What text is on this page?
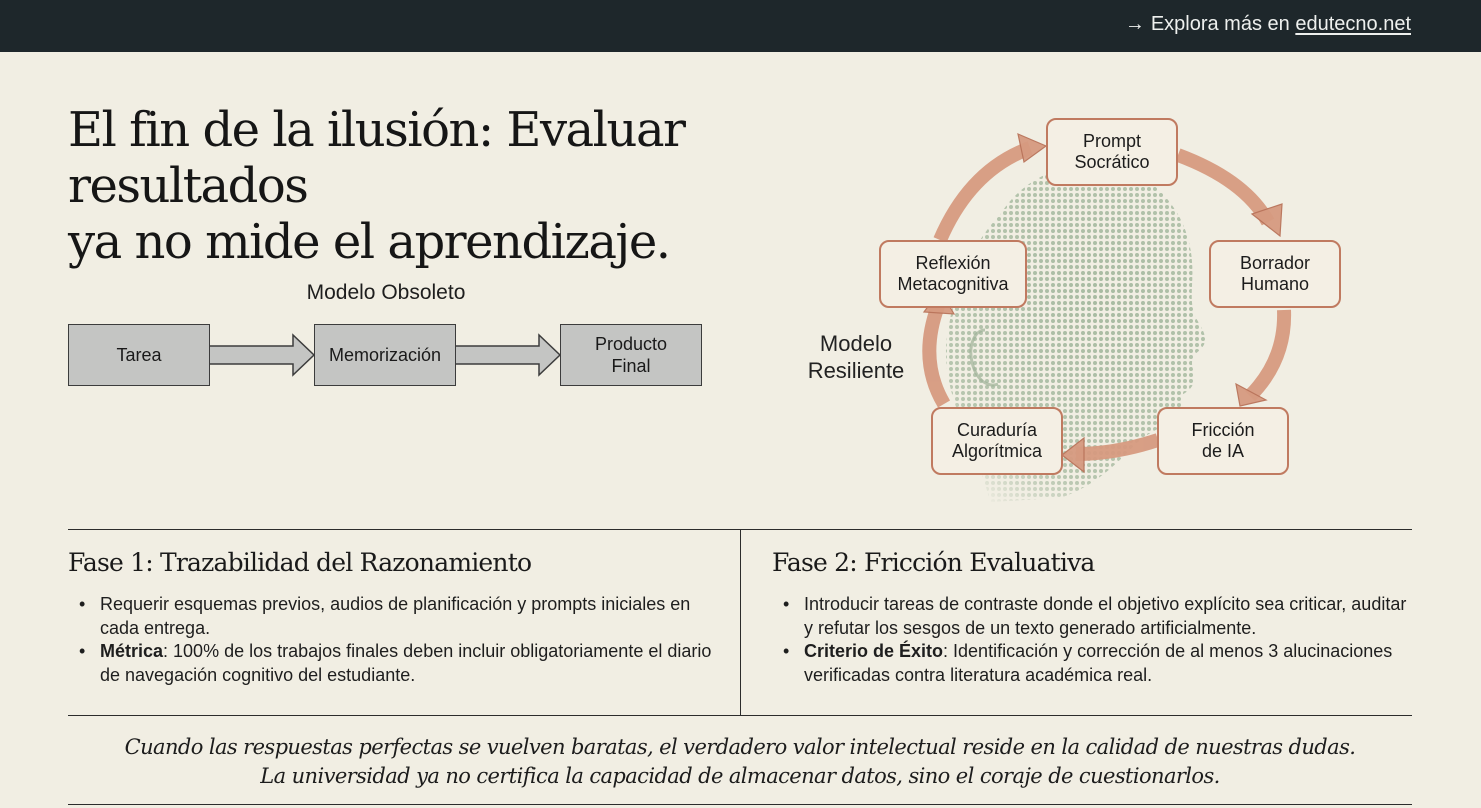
→ Explora más en edutecno.net
El fin de la ilusión: Evaluar resultados
ya no mide el aprendizaje.
Modelo Obsoleto
Tarea	Memorización
Producto Final
Modelo
Resiliente
Prompt
Socrático
Borrador
Humano
Fricción
de IA
Curaduría
Algorítmica
Reflexión
Metacognitiva
Fase 1: Trazabilidad del Razonamiento
• Requerir esquemas previos, audios de planificación y prompts iniciales en cada entrega.
• Métrica: 100% de los trabajos finales deben incluir obligatoriamente el diario de navegación cognitivo del estudiante.
Fase 2: Fricción Evaluativa
• Introducir tareas de contraste donde el objetivo explícito sea criticar, auditar y refutar los sesgos de un texto generado artificialmente.
• Criterio de Éxito: Identificación y corrección de al menos 3 alucinaciones verificadas contra literatura académica real.
Cuando las respuestas perfectas se vuelven baratas, el verdadero valor intelectual reside en la calidad de nuestras dudas.
La universidad ya no certifica la capacidad de almacenar datos, sino el coraje de cuestionarlos.
